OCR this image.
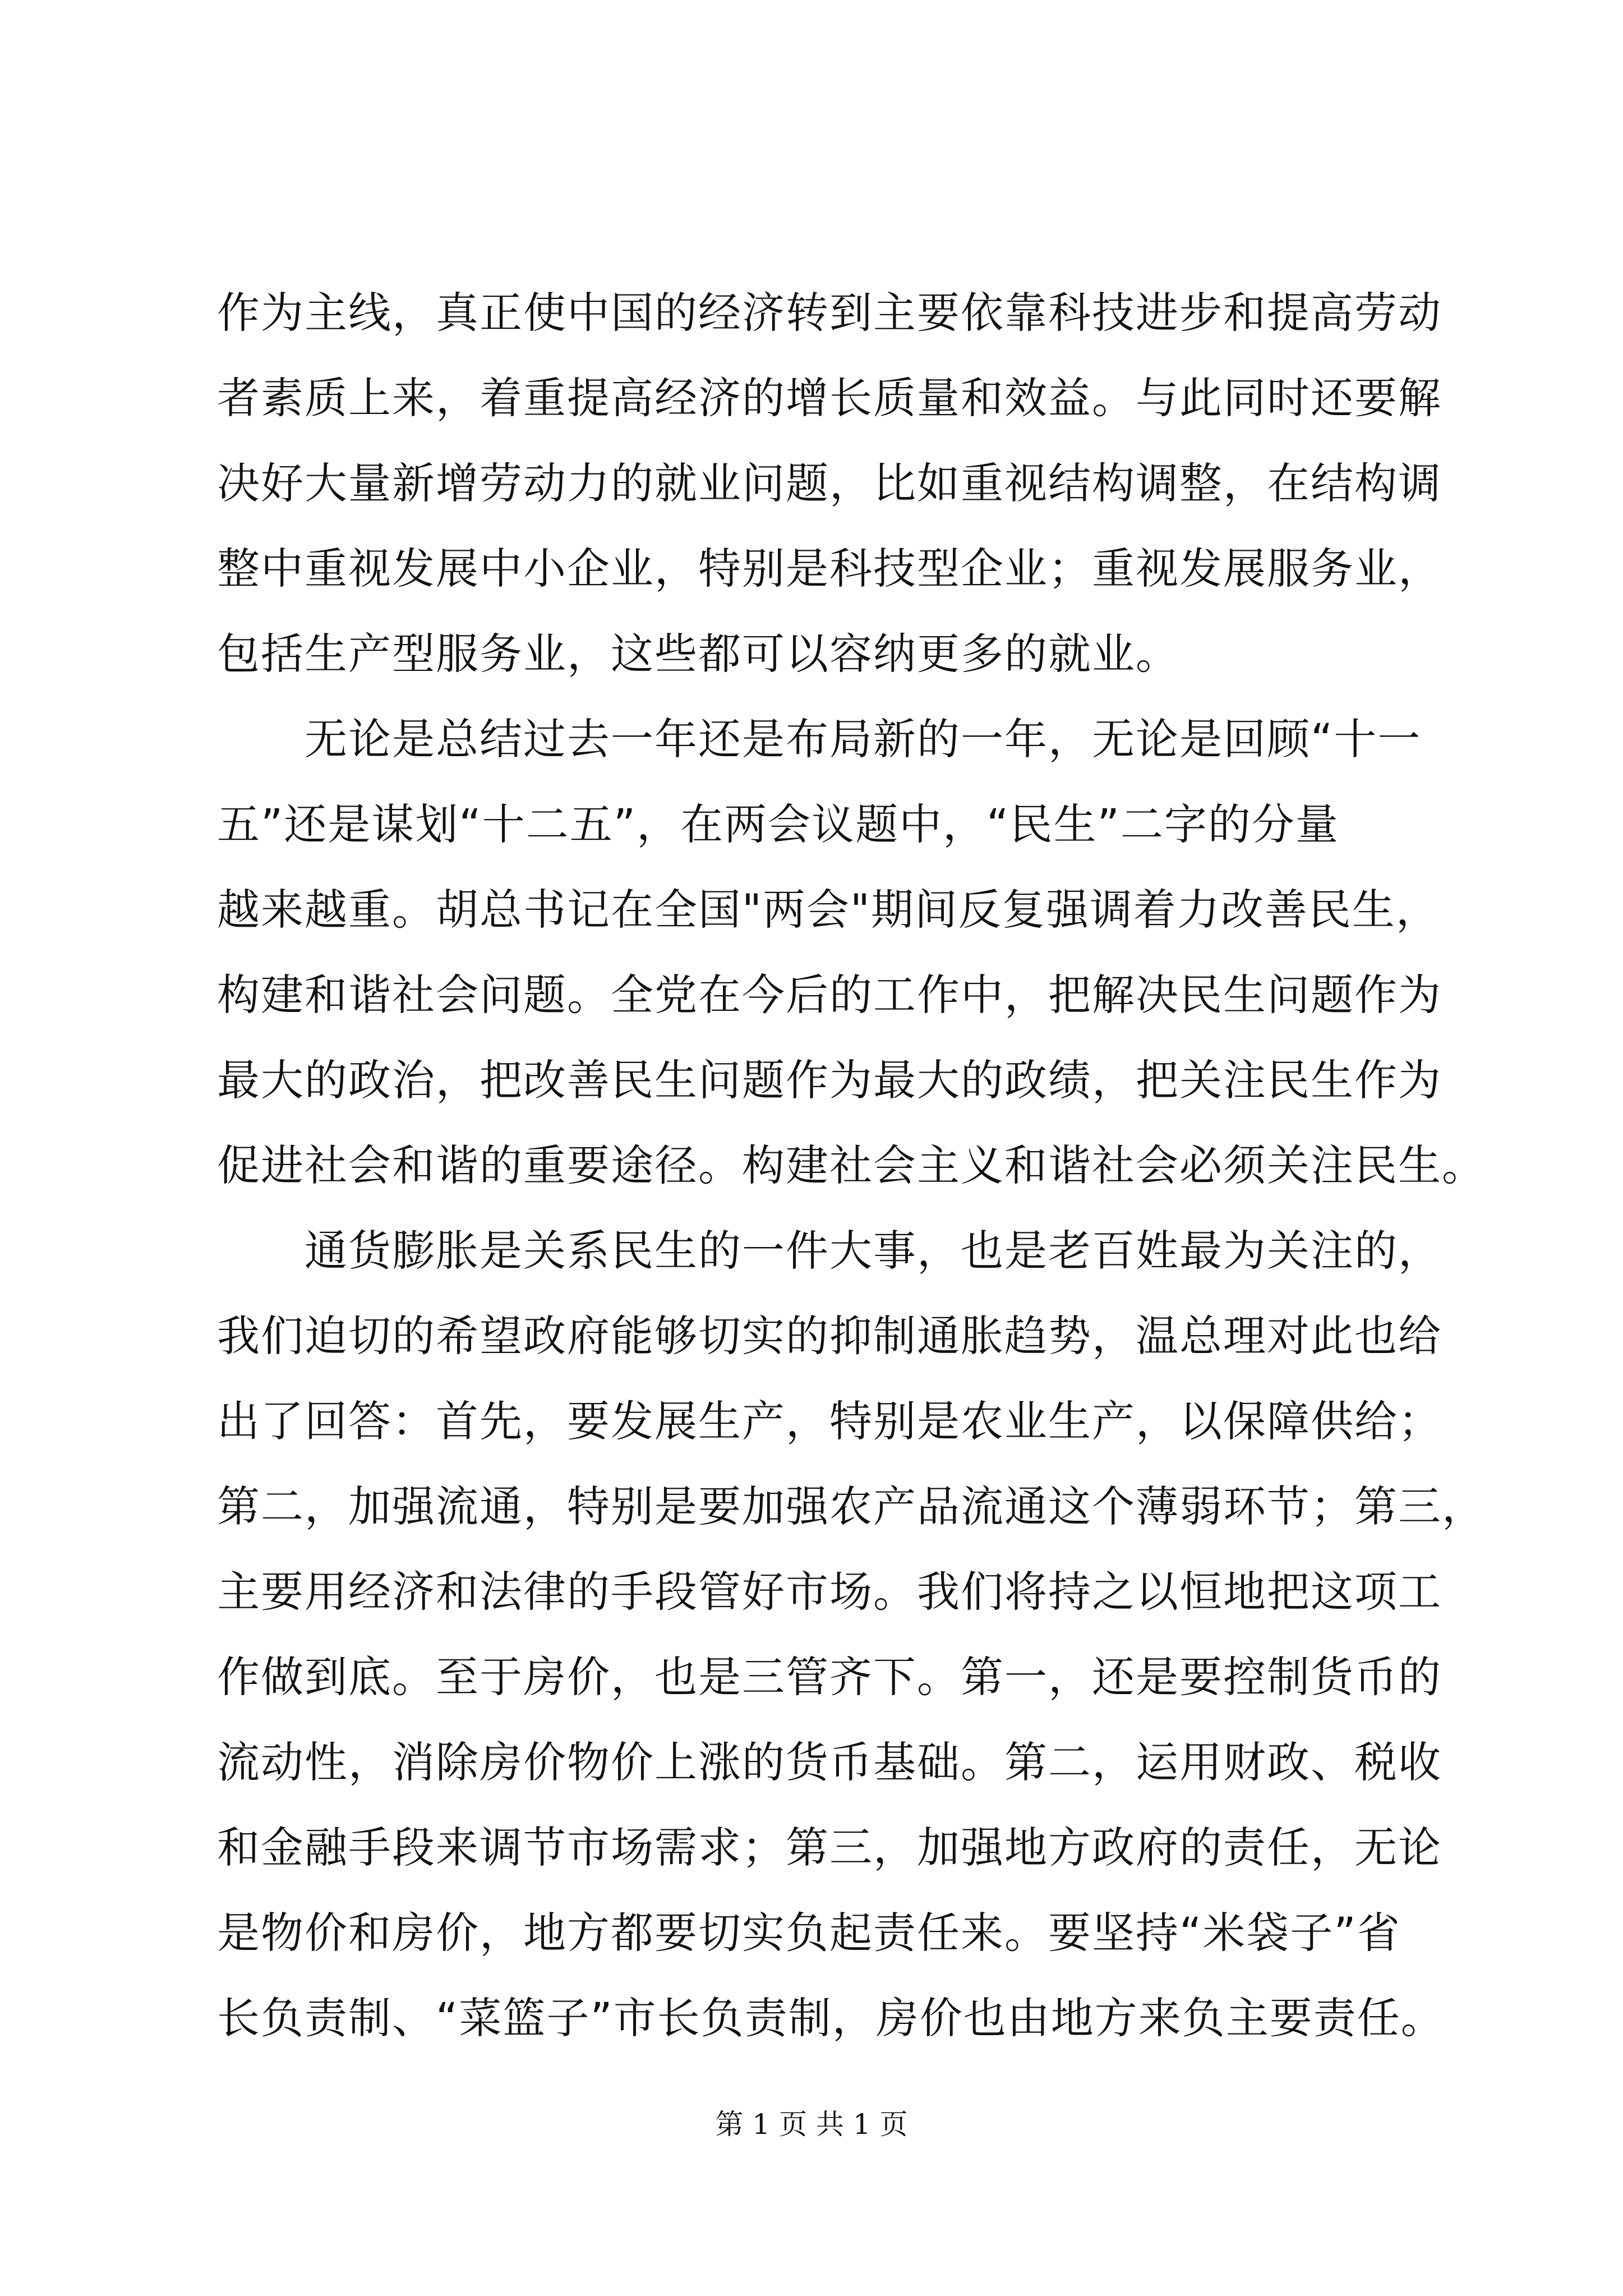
作为主线，真正使中国的经济转到主要依靠科技进步和提高劳动
者素质上来，着重提高经济的增长质量和效益。与此同时还要解
决好大量新增劳动力的就业问题，比如重视结构调整，在结构调
整中重视发展中小企业，特别是科技型企业；重视发展服务业，
包括生产型服务业，这些都可以容纳更多的就业。
　　无论是总结过去一年还是布局新的一年，无论是回顾“十一
五”还是谋划“十二五”，在两会议题中，“民生”二字的分量
越来越重。胡总书记在全国"两会"期间反复强调着力改善民生，
构建和谐社会问题。全党在今后的工作中，把解决民生问题作为
最大的政治，把改善民生问题作为最大的政绩，把关注民生作为
促进社会和谐的重要途径。构建社会主义和谐社会必须关注民生。
　　通货膨胀是关系民生的一件大事，也是老百姓最为关注的，
我们迫切的希望政府能够切实的抑制通胀趋势，温总理对此也给
出了回答：首先，要发展生产，特别是农业生产，以保障供给；
第二，加强流通，特别是要加强农产品流通这个薄弱环节；第三，
主要用经济和法律的手段管好市场。我们将持之以恒地把这项工
作做到底。至于房价，也是三管齐下。第一，还是要控制货币的
流动性，消除房价物价上涨的货币基础。第二，运用财政、税收
和金融手段来调节市场需求；第三，加强地方政府的责任，无论
是物价和房价，地方都要切实负起责任来。要坚持“米袋子”省
长负责制、“菜篮子”市长负责制，房价也由地方来负主要责任。
第 1 页 共 1 页
